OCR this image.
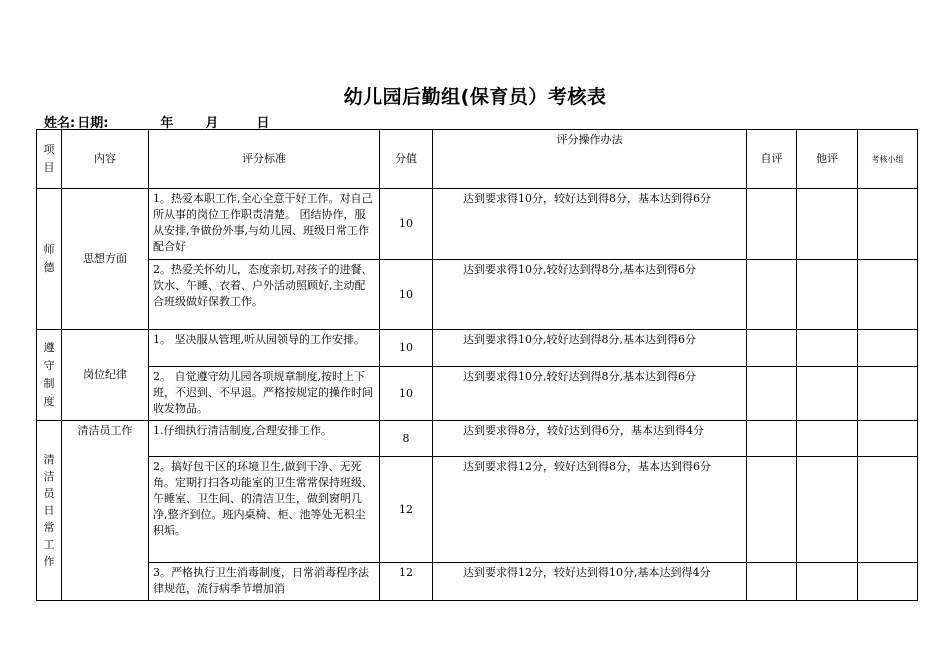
幼儿园后勤组(保育员）考核表
姓名: 日期:	年 月	日
项目	内容	评分标准	分值	评分操作办法	自评	他评	考核小组
师德	思想方面	1。热爱本职工作,全心全意干好工作。对自己所从事的岗位工作职责清楚。 团结协作，服从安排,争做份外事,与幼儿园、班级日常工作配合好	10	达到要求得10分，较好达到得8分，基本达到得6分			
		2。热爱关怀幼儿，态度亲切,对孩子的进餐、饮水、午睡、衣着、户外活动照顾好,主动配合班级做好保教工作。	10	达到要求得10分,较好达到得8分,基本达到得6分			
遵守制度	岗位纪律	1。 坚决服从管理,听从园领导的工作安排。	10	达到要求得10分,较好达到得8分,基本达到得6分			
		2。 自觉遵守幼儿园各项规章制度,按时上下班，不迟到、不早退。严格按规定的操作时间收发物品。	10	达到要求得10分,较好达到得8分,基本达到得6分			
清洁员日常工作	清洁员工作	1.仔细执行清洁制度,合理安排工作。	8	达到要求得8分，较好达到得6分，基本达到得4分			
		2。搞好包干区的环境卫生,做到干净、无死角。定期打扫各功能室的卫生常常保持班级、午睡室、卫生间、的清洁卫生，做到窗明几净,整齐到位。班内桌椅、柜、池等处无积尘积垢。	12	达到要求得12分，较好达到得8分，基本达到得6分			
		3。严格执行卫生消毒制度，日常消毒程序法律规范，流行病季节增加消	12	达到要求得12分，较好达到得10分,基本达到得4分			
